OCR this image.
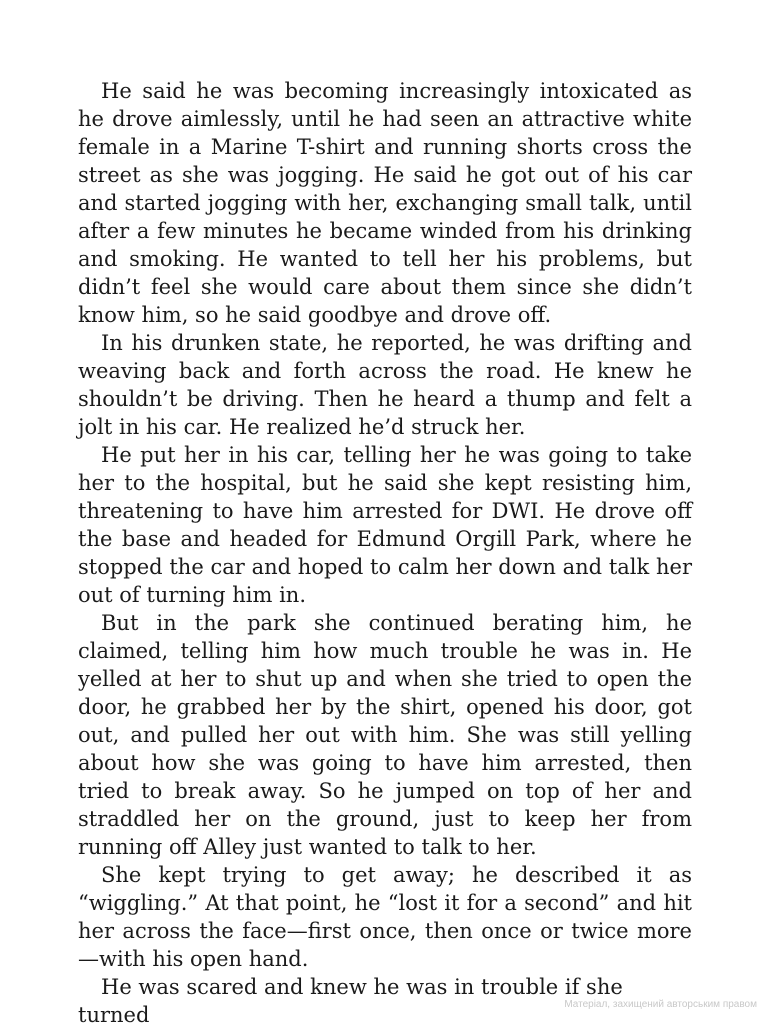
He said he was becoming increasingly intoxicated as he drove aimlessly, until he had seen an attractive white female in a Marine T-shirt and running shorts cross the street as she was jogging. He said he got out of his car and started jogging with her, exchanging small talk, until after a few minutes he became winded from his drinking and smoking. He wanted to tell her his problems, but didn’t feel she would care about them since she didn’t know him, so he said goodbye and drove off.

In his drunken state, he reported, he was drifting and weaving back and forth across the road. He knew he shouldn’t be driving. Then he heard a thump and felt a jolt in his car. He realized he’d struck her.

He put her in his car, telling her he was going to take her to the hospital, but he said she kept resisting him, threatening to have him arrested for DWI. He drove off the base and headed for Edmund Orgill Park, where he stopped the car and hoped to calm her down and talk her out of turning him in.

But in the park she continued berating him, he claimed, telling him how much trouble he was in. He yelled at her to shut up and when she tried to open the door, he grabbed her by the shirt, opened his door, got out, and pulled her out with him. She was still yelling about how she was going to have him arrested, then tried to break away. So he jumped on top of her and straddled her on the ground, just to keep her from running off Alley just wanted to talk to her.

She kept trying to get away; he described it as “wiggling.” At that point, he “lost it for a second” and hit her across the face—first once, then once or twice more—with his open hand.

He was scared and knew he was in trouble if she turned	Матеріал, захищений авторським правом
